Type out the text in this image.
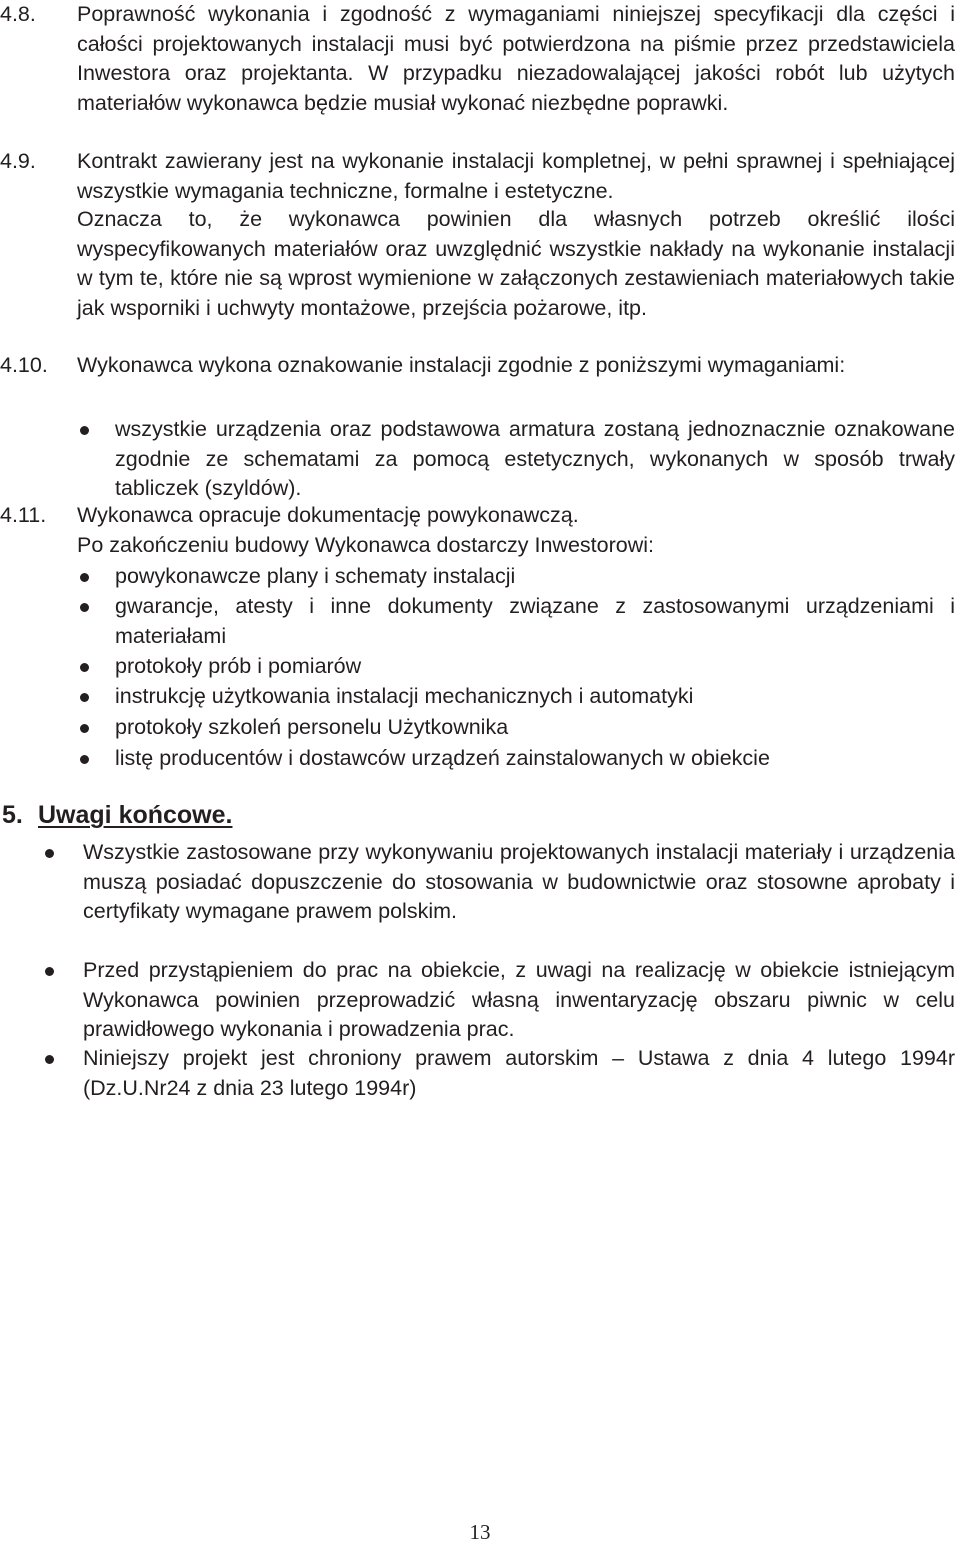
4.8.	Poprawność wykonania i zgodność z wymaganiami niniejszej specyfikacji dla części i całości projektowanych instalacji musi być potwierdzona na piśmie przez przedstawiciela Inwestora oraz projektanta. W przypadku niezadowalającej jakości robót lub użytych materiałów wykonawca będzie musiał wykonać niezbędne poprawki.
4.9.	Kontrakt zawierany jest na wykonanie instalacji kompletnej, w pełni sprawnej i spełniającej wszystkie wymagania techniczne, formalne i estetyczne.
Oznacza to, że wykonawca powinien dla własnych potrzeb określić ilości wyspecyfikowanych materiałów oraz uwzględnić wszystkie nakłady na wykonanie instalacji w tym te, które nie są wprost wymienione w załączonych zestawieniach materiałowych takie jak wsporniki i uchwyty montażowe, przejścia pożarowe, itp.
4.10.	Wykonawca wykona oznakowanie instalacji zgodnie z poniższymi wymaganiami:
wszystkie urządzenia oraz podstawowa armatura zostaną jednoznacznie oznakowane zgodnie ze schematami za pomocą estetycznych, wykonanych w sposób trwały tabliczek (szyldów).
4.11.	Wykonawca opracuje dokumentację powykonawczą.
Po zakończeniu budowy Wykonawca dostarczy Inwestorowi:
powykonawcze plany i schematy instalacji
gwarancje, atesty i inne dokumenty związane z zastosowanymi urządzeniami i materiałami
protokoły prób i pomiarów
instrukcję użytkowania instalacji mechanicznych i automatyki
protokoły szkoleń personelu Użytkownika
listę producentów i dostawców urządzeń zainstalowanych w obiekcie
5. Uwagi końcowe.
Wszystkie zastosowane przy wykonywaniu projektowanych instalacji materiały i urządzenia muszą posiadać dopuszczenie do stosowania w budownictwie oraz stosowne aprobaty i certyfikaty wymagane prawem polskim.
Przed przystąpieniem do prac na obiekcie, z uwagi na realizację w obiekcie istniejącym Wykonawca powinien przeprowadzić własną inwentaryzację obszaru piwnic w celu prawidłowego wykonania i prowadzenia prac.
Niniejszy projekt jest chroniony prawem autorskim – Ustawa z dnia 4 lutego 1994r (Dz.U.Nr24 z dnia 23 lutego 1994r)
13
